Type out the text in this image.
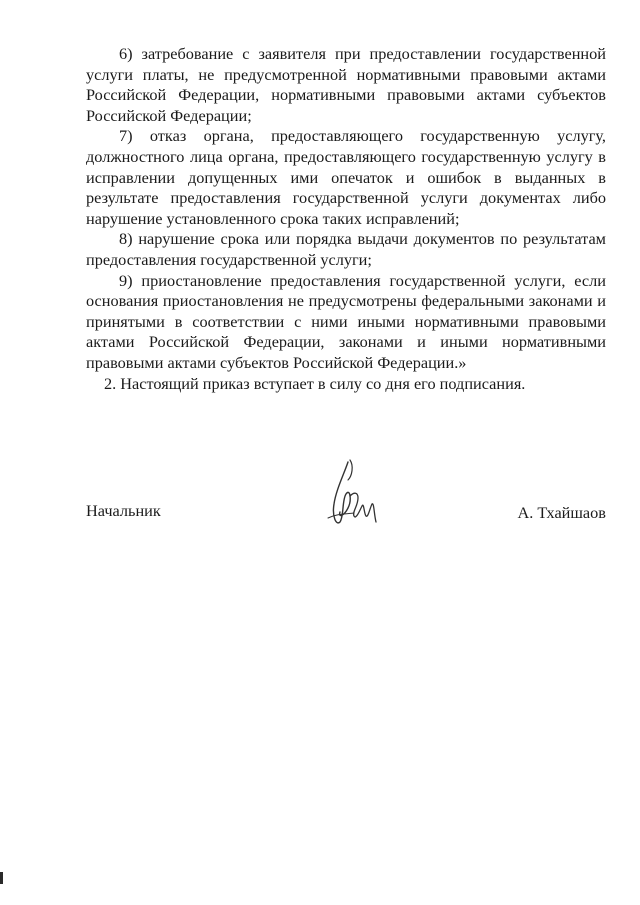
6) затребование с заявителя при предоставлении государственной услуги платы, не предусмотренной нормативными правовыми актами Российской Федерации, нормативными правовыми актами субъектов Российской Федерации;

7) отказ органа, предоставляющего государственную услугу, должностного лица органа, предоставляющего государственную услугу в исправлении допущенных ими опечаток и ошибок в выданных в результате предоставления государственной услуги документах либо нарушение установленного срока таких исправлений;

8) нарушение срока или порядка выдачи документов по результатам предоставления государственной услуги;

9) приостановление предоставления государственной услуги, если основания приостановления не предусмотрены федеральными законами и принятыми в соответствии с ними иными нормативными правовыми актами Российской Федерации, законами и иными нормативными правовыми актами субъектов Российской Федерации.»

2. Настоящий приказ вступает в силу со дня его подписания.

Начальник	А. Тхайшаов
